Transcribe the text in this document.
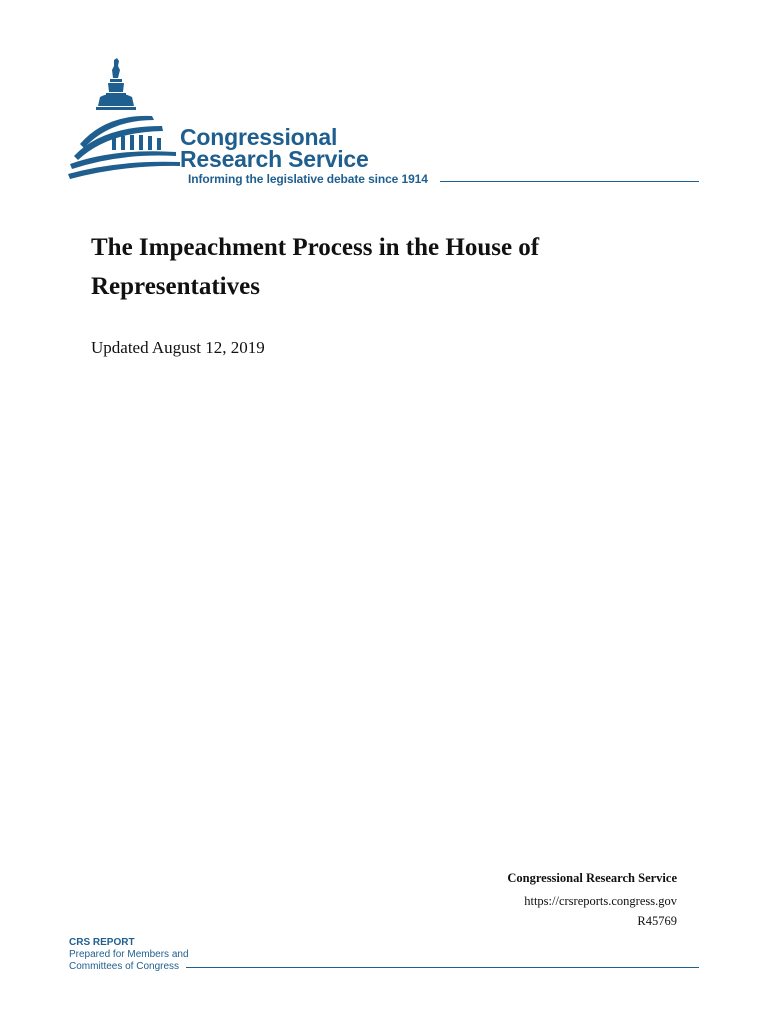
Congressional
Research Service
Informing the legislative debate since 1914
The Impeachment Process in the House of Representatives
Updated August 12, 2019
Congressional Research Service
https://crsreports.congress.gov
R45769
CRS REPORT
Prepared for Members and
Committees of Congress
